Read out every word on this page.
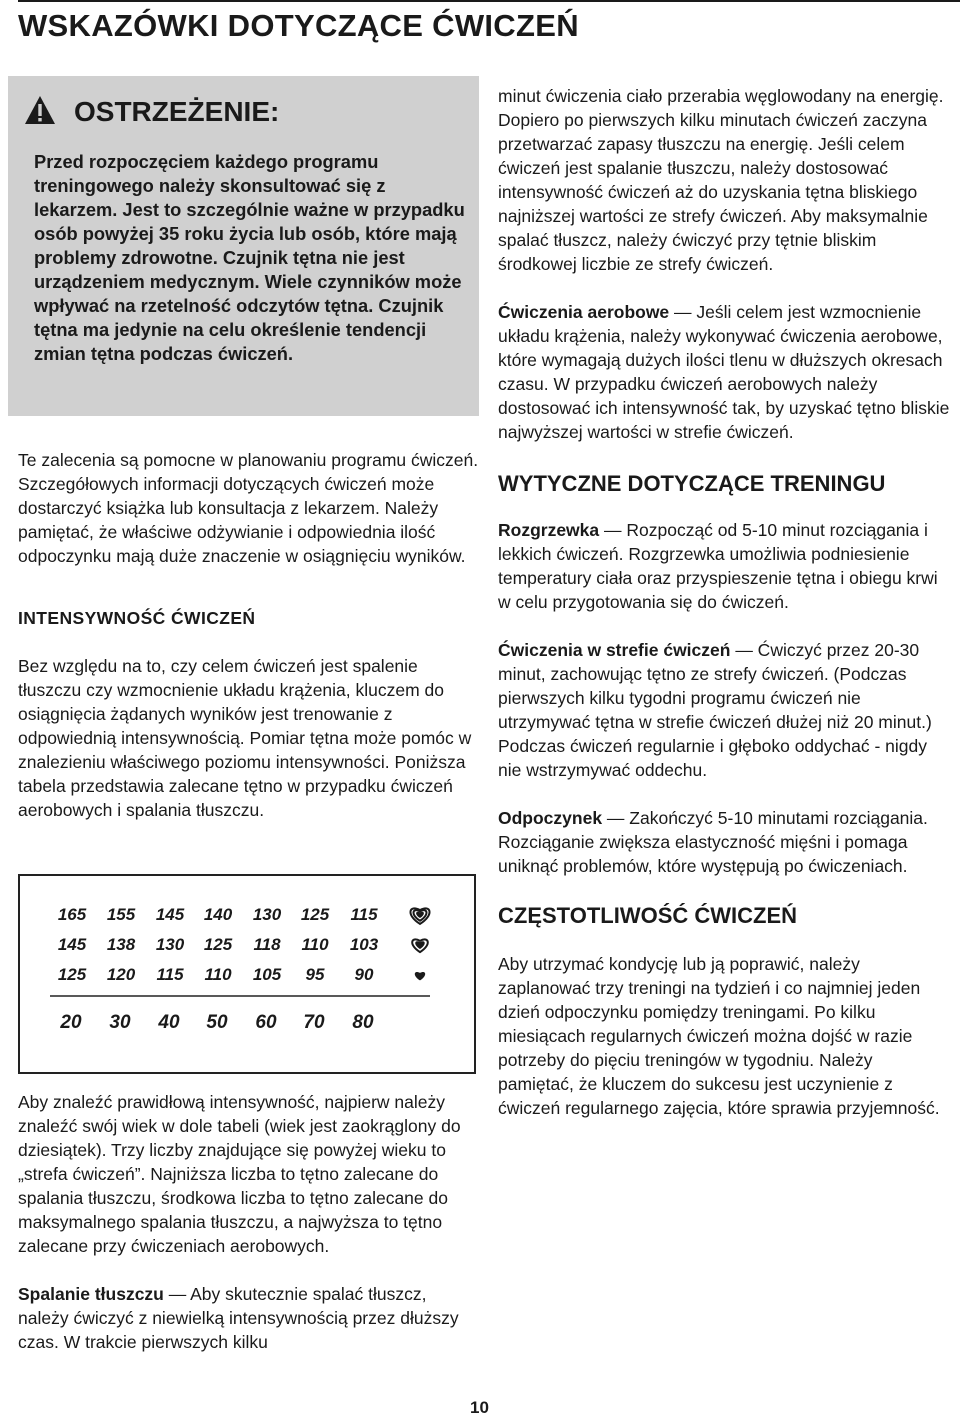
WSKAZÓWKI DOTYCZĄCE ĆWICZEŃ
OSTRZEŻENIE:

Przed rozpoczęciem każdego programu treningowego należy skonsultować się z lekarzem. Jest to szczególnie ważne w przypadku osób powyżej 35 roku życia lub osób, które mają problemy zdrowotne. Czujnik tętna nie jest urządzeniem medycznym. Wiele czynników może wpływać na rzetelność odczytów tętna. Czujnik tętna ma jedynie na celu określenie tendencji zmian tętna podczas ćwiczeń.

Te zalecenia są pomocne w planowaniu programu ćwiczeń. Szczegółowych informacji dotyczących ćwiczeń może dostarczyć książka lub konsultacja z lekarzem. Należy pamiętać, że właściwe odżywianie i odpowiednia ilość odpoczynku mają duże znaczenie w osiągnięciu wyników.

INTENSYWNOŚĆ ĆWICZEŃ

Bez względu na to, czy celem ćwiczeń jest spalenie tłuszczu czy wzmocnienie układu krążenia, kluczem do osiągnięcia żądanych wyników jest trenowanie z odpowiednią intensywnością. Pomiar tętna może pomóc w znalezieniu właściwego poziomu intensywności. Poniższa tabela przedstawia zalecane tętno w przypadku ćwiczeń aerobowych i spalania tłuszczu.

165 155 145 140 130 125 115
145 138 130 125 118 110 103
125 120 115 110 105 95 90
20 30 40 50 60 70 80

Aby znaleźć prawidłową intensywność, najpierw należy znaleźć swój wiek w dole tabeli (wiek jest zaokrąglony do dziesiątek). Trzy liczby znajdujące się powyżej wieku to „strefa ćwiczeń”. Najniższa liczba to tętno zalecane do spalania tłuszczu, środkowa liczba to tętno zalecane do maksymalnego spalania tłuszczu, a najwyższa to tętno zalecane przy ćwiczeniach aerobowych.

Spalanie tłuszczu — Aby skutecznie spalać tłuszcz, należy ćwiczyć z niewielką intensywnością przez dłuższy czas. W trakcie pierwszych kilku

minut ćwiczenia ciało przerabia węglowodany na energię. Dopiero po pierwszych kilku minutach ćwiczeń zaczyna przetwarzać zapasy tłuszczu na energię. Jeśli celem ćwiczeń jest spalanie tłuszczu, należy dostosować intensywność ćwiczeń aż do uzyskania tętna bliskiego najniższej wartości ze strefy ćwiczeń. Aby maksymalnie spalać tłuszcz, należy ćwiczyć przy tętnie bliskim środkowej liczbie ze strefy ćwiczeń.

Ćwiczenia aerobowe — Jeśli celem jest wzmocnienie układu krążenia, należy wykonywać ćwiczenia aerobowe, które wymagają dużych ilości tlenu w dłuższych okresach czasu. W przypadku ćwiczeń aerobowych należy dostosować ich intensywność tak, by uzyskać tętno bliskie najwyższej wartości w strefie ćwiczeń.

WYTYCZNE DOTYCZĄCE TRENINGU

Rozgrzewka — Rozpocząć od 5-10 minut rozciągania i lekkich ćwiczeń. Rozgrzewka umożliwia podniesienie temperatury ciała oraz przyspieszenie tętna i obiegu krwi w celu przygotowania się do ćwiczeń.

Ćwiczenia w strefie ćwiczeń — Ćwiczyć przez 20-30 minut, zachowując tętno ze strefy ćwiczeń. (Podczas pierwszych kilku tygodni programu ćwiczeń nie utrzymywać tętna w strefie ćwiczeń dłużej niż 20 minut.) Podczas ćwiczeń regularnie i głęboko oddychać - nigdy nie wstrzymywać oddechu.

Odpoczynek — Zakończyć 5-10 minutami rozciągania. Rozciąganie zwiększa elastyczność mięśni i pomaga uniknąć problemów, które występują po ćwiczeniach.

CZĘSTOTLIWOŚĆ ĆWICZEŃ

Aby utrzymać kondycję lub ją poprawić, należy zaplanować trzy treningi na tydzień i co najmniej jeden dzień odpoczynku pomiędzy treningami. Po kilku miesiącach regularnych ćwiczeń można dojść w razie potrzeby do pięciu treningów w tygodniu. Należy pamiętać, że kluczem do sukcesu jest uczynienie z ćwiczeń regularnego zajęcia, które sprawia przyjemność.

10
